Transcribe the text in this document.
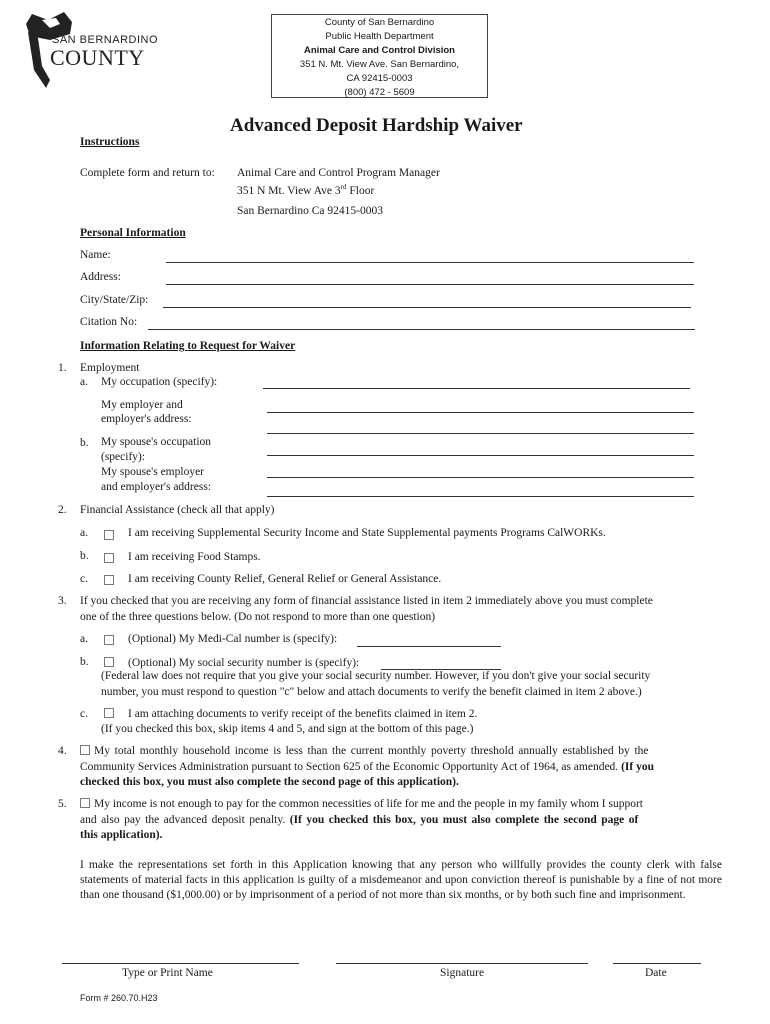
SAN BERNARDINO
COUNTY
County of San Bernardino
Public Health Department
Animal Care and Control Division
351 N. Mt. View Ave. San Bernardino,
CA 92415-0003
(800) 472 - 5609
Advanced Deposit Hardship Waiver
Instructions
Complete form and return to: Animal Care and Control Program Manager
351 N Mt. View Ave 3rd Floor
San Bernardino Ca 92415-0003
Personal Information
Name:
Address:
City/State/Zip:
Citation No:
Information Relating to Request for Waiver
1. Employment
a. My occupation (specify):
My employer and
employer's address:
b. My spouse's occupation
(specify):
My spouse's employer
and employer's address:
2. Financial Assistance (check all that apply)
a.	I am receiving Supplemental Security Income and State Supplemental payments Programs CalWORKs.
b.	I am receiving Food Stamps.
c.	I am receiving County Relief, General Relief or General Assistance.
3. If you checked that you are receiving any form of financial assistance listed in item 2 immediately above you must complete
one of the three questions below. (Do not respond to more than one question)
a.	(Optional) My Medi-Cal number is (specify):
b.	(Optional) My social security number is (specify):
(Federal law does not require that you give your social security number. However, if you don't give your social security
number, you must respond to question "c" below and attach documents to verify the benefit claimed in item 2 above.)
c.	I am attaching documents to verify receipt of the benefits claimed in item 2.
(If you checked this box, skip items 4 and 5, and sign at the bottom of this page.)
4. My total monthly household income is less than the current monthly poverty threshold annually established by the
Community Services Administration pursuant to Section 625 of the Economic Opportunity Act of 1964, as amended. (If you
checked this box, you must also complete the second page of this application).
5. My income is not enough to pay for the common necessities of life for me and the people in my family whom I support
and also pay the advanced deposit penalty. (If you checked this box, you must also complete the second page of
this application).
I make the representations set forth in this Application knowing that any person who willfully provides the county clerk with false statements of material facts in this application is guilty of a misdemeanor and upon conviction thereof is punishable by a fine of not more than one thousand ($1,000.00) or by imprisonment of a period of not more than six months, or by both such fine and imprisonment.
Type or Print Name	Signature	Date
Form # 260.70.H23
